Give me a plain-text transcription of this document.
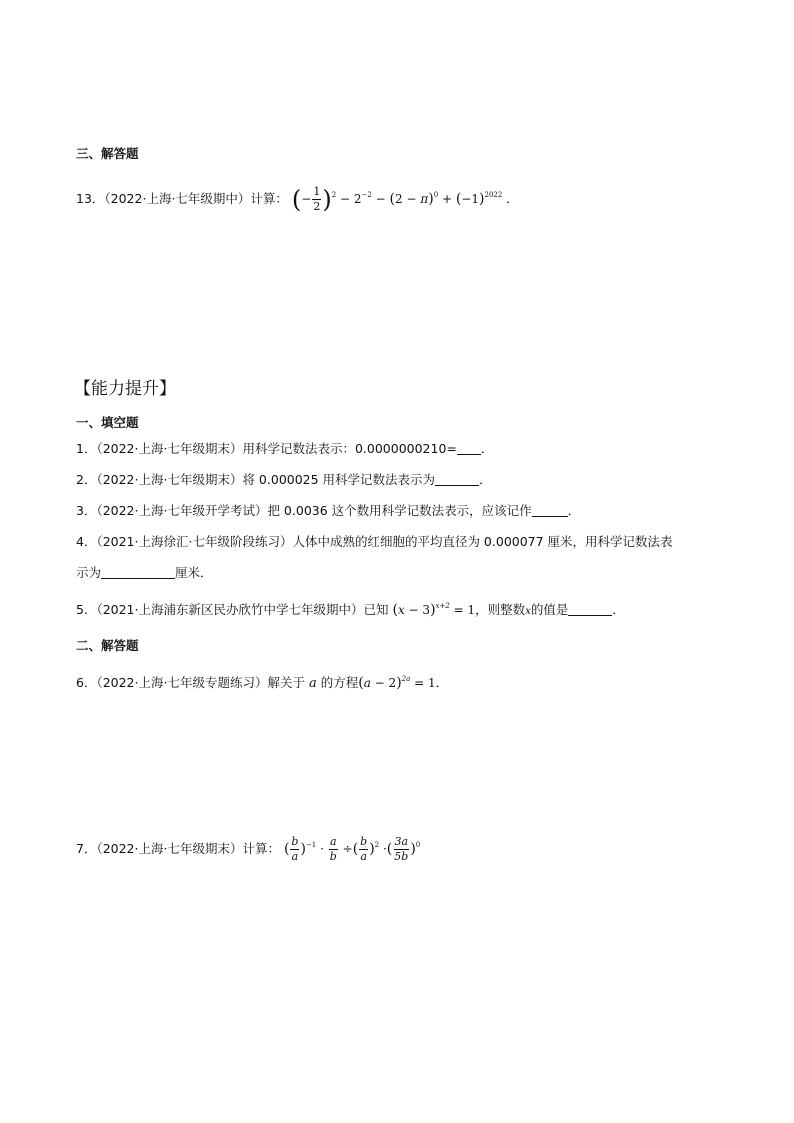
三、解答题
13．（2022·上海·七年级期中）计算： (− $\frac{1}{2} )^2 - 2^{-2} - (2 - \pi)^0 + (-1)^{2022}$ ．
【能力提升】
一、填空题
1．（2022·上海·七年级期末）用科学记数法表示：0.0000000210= ．
2．（2022·上海·七年级期末）将 0.000025 用科学记数法表示为	．
3．（2022·上海·七年级开学考试）把 0.0036 这个数用科学记数法表示，应该记作	．
4．（2021·上海徐汇·七年级阶段练习）人体中成熟的红细胞的平均直径为 0.000077 厘米，用科学记数法表
示为	厘米．
5．（2021·上海浦东新区民办欣竹中学七年级期中）已知 $(x - 3)^{x+2} = 1$，则整数x的值是	．
二、解答题
6．（2022·上海·七年级专题练习）解关于 a 的方程$(a - 2)^{2a} = 1$．
7．（2022·上海·七年级期末）计算： ( $\frac{b}{a} )^{-1} \cdot \frac{a}{b}$ ÷( $\frac{b}{a} )^2$ ·( $\frac{3a}{5b} )^0$
